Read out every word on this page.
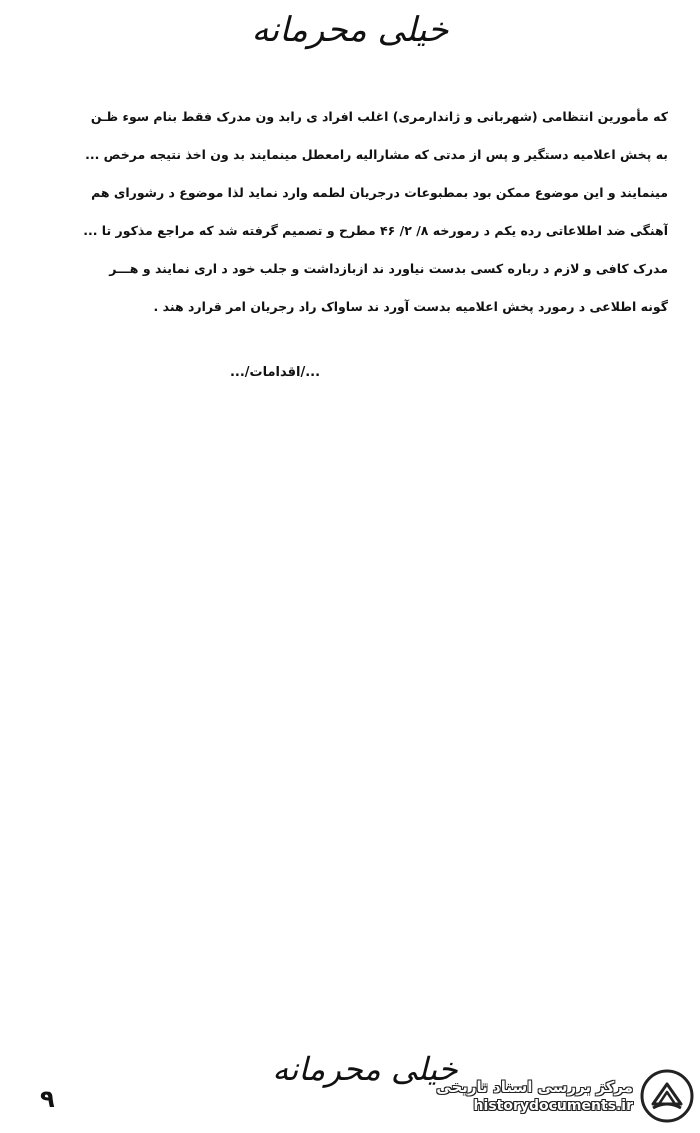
خیلی محرمانه
که مأمورین انتظامی (شهربانی و ژاندارمری) اغلب افراد ی رابد ون مدرک فقط بنام سوء ظـن
به پخش اعلامیه دستگیر و پس از مدتی که مشارالیه رامعطل مینمایند بد ون اخذ نتیجه مرخص ...
مینمایند و این موضوع ممکن بود بمطبوعات درجریان لطمه وارد نماید لذا موضوع د رشورای هم
آهنگی ضد اطلاعاتی رده یکم د رمورخه ۸/ ۲/ ۴۶ مطرح و تصمیم گرفته شد که مراجع مذکور تا ...
مدرک کافی و لازم د رباره کسی بدست نیاورد ند ازبازداشت و جلب خود د اری نمایند و هـــر
گونه اطلاعی د رمورد پخش اعلامیه بدست آورد ند ساواک راد رجریان امر قرارد هند .
.../اقدامات/...
خیلی محرمانه
۹	مرکز بررسی اسناد تاریخی
historydocuments.ir
